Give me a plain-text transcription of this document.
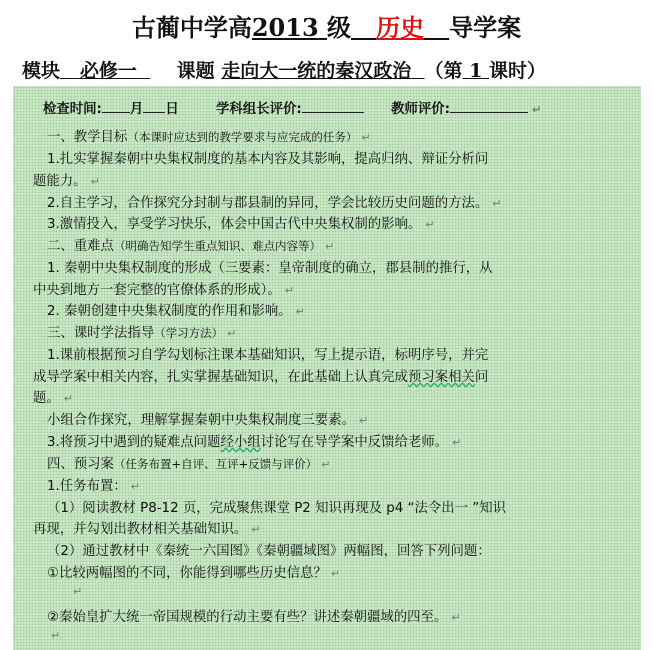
古蔺中学高2013 级 历史 导学案
模块 必修一 课题 走向大一统的秦汉政治 （第 1 课时）
检查时间: 月 日	学科组长评价:	教师评价:	↵
一、教学目标（本课时应达到的教学要求与应完成的任务） ↵
1.扎实掌握秦朝中央集权制度的基本内容及其影响，提高归纳、辩证分析问
题能力。 ↵
2.自主学习，合作探究分封制与郡县制的异同，学会比较历史问题的方法。 ↵
3.激情投入，享受学习快乐，体会中国古代中央集权制的影响。 ↵
二、重难点（明确告知学生重点知识、难点内容等） ↵
1. 秦朝中央集权制度的形成（三要素：皇帝制度的确立，郡县制的推行，从
中央到地方一套完整的官僚体系的形成）。 ↵
2. 秦朝创建中央集权制度的作用和影响。 ↵
三、课时学法指导（学习方法） ↵
1.课前根据预习自学勾划标注课本基础知识，写上提示语，标明序号，并完
成导学案中相关内容，扎实掌握基础知识，在此基础上认真完成预习案相关问
题。 ↵
小组合作探究，理解掌握秦朝中央集权制度三要素。 ↵
3.将预习中遇到的疑难点问题经小组讨论写在导学案中反馈给老师。 ↵
四、预习案（任务布置+自评、互评+反馈与评价） ↵
1.任务布置： ↵
（1）阅读教材 P8-12 页，完成聚焦课堂 P2 知识再现及 p4 “法令出一 ”知识
再现，并勾划出教材相关基础知识。 ↵
（2）通过教材中《秦统一六国图》《秦朝疆域图》两幅图，回答下列问题：
①比较两幅图的不同，你能得到哪些历史信息？ ↵
↵
②秦始皇扩大统一帝国规模的行动主要有些？讲述秦朝疆域的四至。 ↵
↵
